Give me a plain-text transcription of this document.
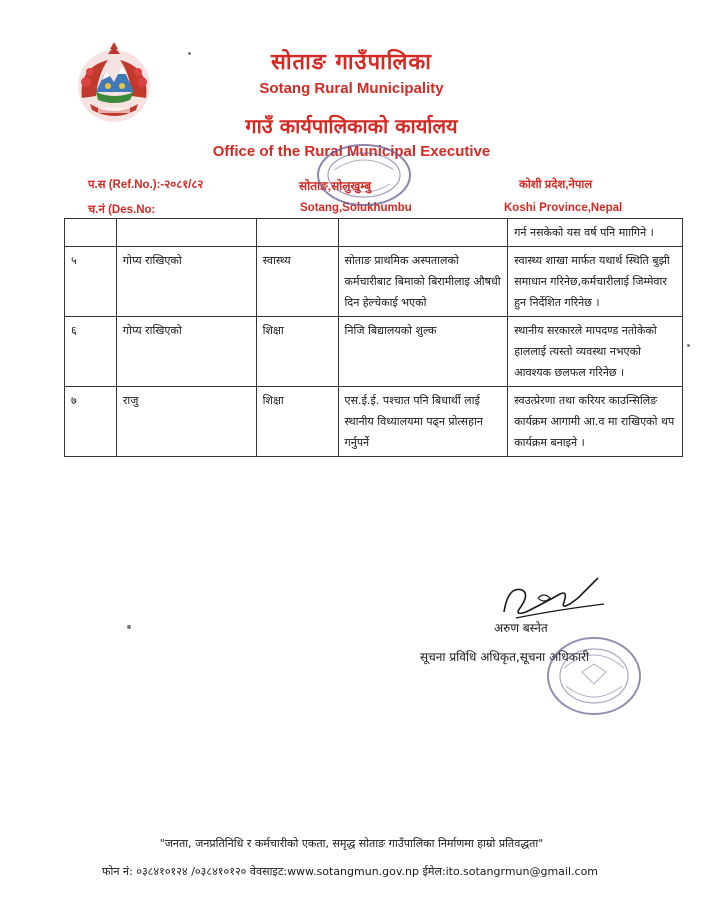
सोताङ गाउँपालिका
Sotang Rural Municipality
गाउँ कार्यपालिकाको कार्यालय
Office of the Rural Municipal Executive
प.स (Ref.No.):-२०८१/८२
च.नं (Des.No:
सोताङ,सोलुखुम्बु
Sotang,Solukhumbu
कोशी प्रदेश,नेपाल
Koshi Province,Nepal
				गर्न नसकेको यस वर्ष पनि माागिने ।
५	गोप्य राखिएको	स्वास्थ्य	सोताङ प्राथमिक अस्पतालको कर्मचारीबाट बिमाको बिरामीलाइ औषधी दिन हेल्चेकाई भएको	स्वास्थ्य शाखा मार्फत यथार्थ स्थिति बुझी समाधान गरिनेछ,कर्मचारीलाई जिम्मेवार हुन निर्देशित गरिनेछ ।
६	गोप्य राखिएको	शिक्षा	निजि बिद्यालयको शुल्क	स्थानीय सरकारले मापदण्ड नतोकेको हाललाई त्यस्तो व्यवस्था नभएको आवश्यक छलफल गरिनेछ ।
७	राजु	शिक्षा	एस.ई.ई. पश्चात पनि बिधार्थी लाई स्थानीय विध्यालयमा पढ्न प्रोत्सहान गर्नुपर्ने	स्वउत्प्रेरणा तथा करियर काउन्सिलिङ कार्यक्रम आगामी आ.व मा राखिएको थप कार्यक्रम बनाइने ।
अरुण बस्नेत
सूचना प्रविधि अधिकृत,सूचना अधिकारी
"जनता, जनप्रतिनिधि र कर्मचारीको एकता, समृद्ध सोताङ गाउँपालिका निर्माणमा हाम्रो प्रतिवद्धता"
फोन नं: ०३८४१०१२४ /०३८४१०१२० वेवसाइट:www.sotangmun.gov.np ईमेल:ito.sotangrmun@gmail.com
